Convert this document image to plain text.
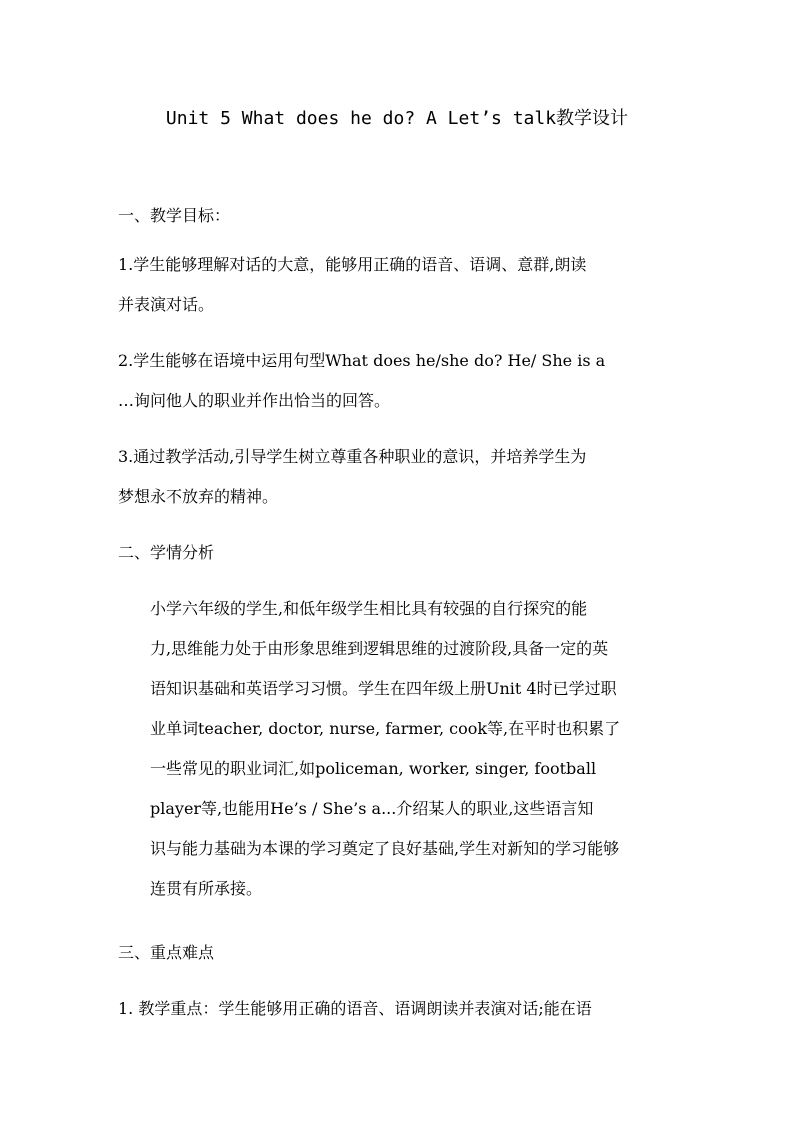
Unit 5 What does he do? A Let’s talk教学设计
一、教学目标：
1.学生能够理解对话的大意，能够用正确的语音、语调、意群,朗读
并表演对话。
2.学生能够在语境中运用句型What does he/she do? He/ She is a
…询问他人的职业并作出恰当的回答。
3.通过教学活动,引导学生树立尊重各种职业的意识，并培养学生为
梦想永不放弃的精神。
二、学情分析
小学六年级的学生,和低年级学生相比具有较强的自行探究的能
力,思维能力处于由形象思维到逻辑思维的过渡阶段,具备一定的英
语知识基础和英语学习习惯。学生在四年级上册Unit 4时已学过职
业单词teacher, doctor, nurse, farmer, cook等,在平时也积累了
一些常见的职业词汇,如policeman, worker, singer, football
player等,也能用He’s / She’s a...介绍某人的职业,这些语言知
识与能力基础为本课的学习奠定了良好基础,学生对新知的学习能够
连贯有所承接。
三、重点难点
1. 教学重点：学生能够用正确的语音、语调朗读并表演对话;能在语
